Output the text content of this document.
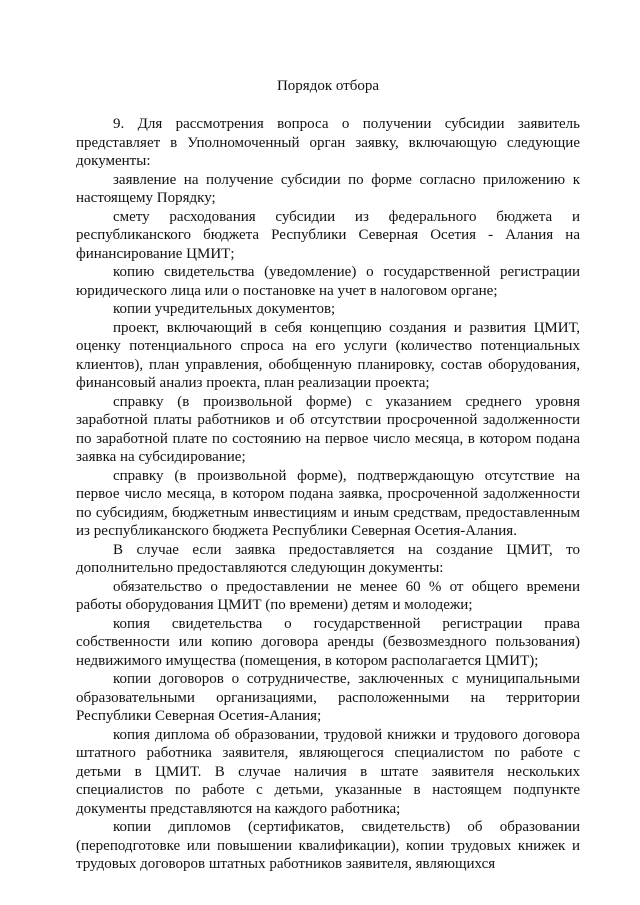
Порядок отбора

9. Для рассмотрения вопроса о получении субсидии заявитель представляет в Уполномоченный орган заявку, включающую следующие документы:

заявление на получение субсидии по форме согласно приложению к настоящему Порядку;

смету расходования субсидии из федерального бюджета и республиканского бюджета Республики Северная Осетия - Алания на финансирование ЦМИТ;

копию свидетельства (уведомление) о государственной регистрации юридического лица или о постановке на учет в налоговом органе;

копии учредительных документов;

проект, включающий в себя концепцию создания и развития ЦМИТ, оценку потенциального спроса на его услуги (количество потенциальных клиентов), план управления, обобщенную планировку, состав оборудования, финансовый анализ проекта, план реализации проекта;

справку (в произвольной форме) с указанием среднего уровня заработной платы работников и об отсутствии просроченной задолженности по заработной плате по состоянию на первое число месяца, в котором подана заявка на субсидирование;

справку (в произвольной форме), подтверждающую отсутствие на первое число месяца, в котором подана заявка, просроченной задолженности по субсидиям, бюджетным инвестициям и иным средствам, предоставленным из республиканского бюджета Республики Северная Осетия-Алания.

В случае если заявка предоставляется на создание ЦМИТ, то дополнительно предоставляются следующин документы:

обязательство о предоставлении не менее 60 % от общего времени работы оборудования ЦМИТ (по времени) детям и молодежи;

копия свидетельства о государственной регистрации права собственности или копию договора аренды (безвозмездного пользования) недвижимого имущества (помещения, в котором располагается ЦМИТ);

копии договоров о сотрудничестве, заключенных с муниципальными образовательными организациями, расположенными на территории Республики Северная Осетия-Алания;

копия диплома об образовании, трудовой книжки и трудового договора штатного работника заявителя, являющегося специалистом по работе с детьми в ЦМИТ. В случае наличия в штате заявителя нескольких специалистов по работе с детьми, указанные в настоящем подпункте документы представляются на каждого работника;

копии дипломов (сертификатов, свидетельств) об образовании (переподготовке или повышении квалификации), копии трудовых книжек и трудовых договоров штатных работников заявителя, являющихся
